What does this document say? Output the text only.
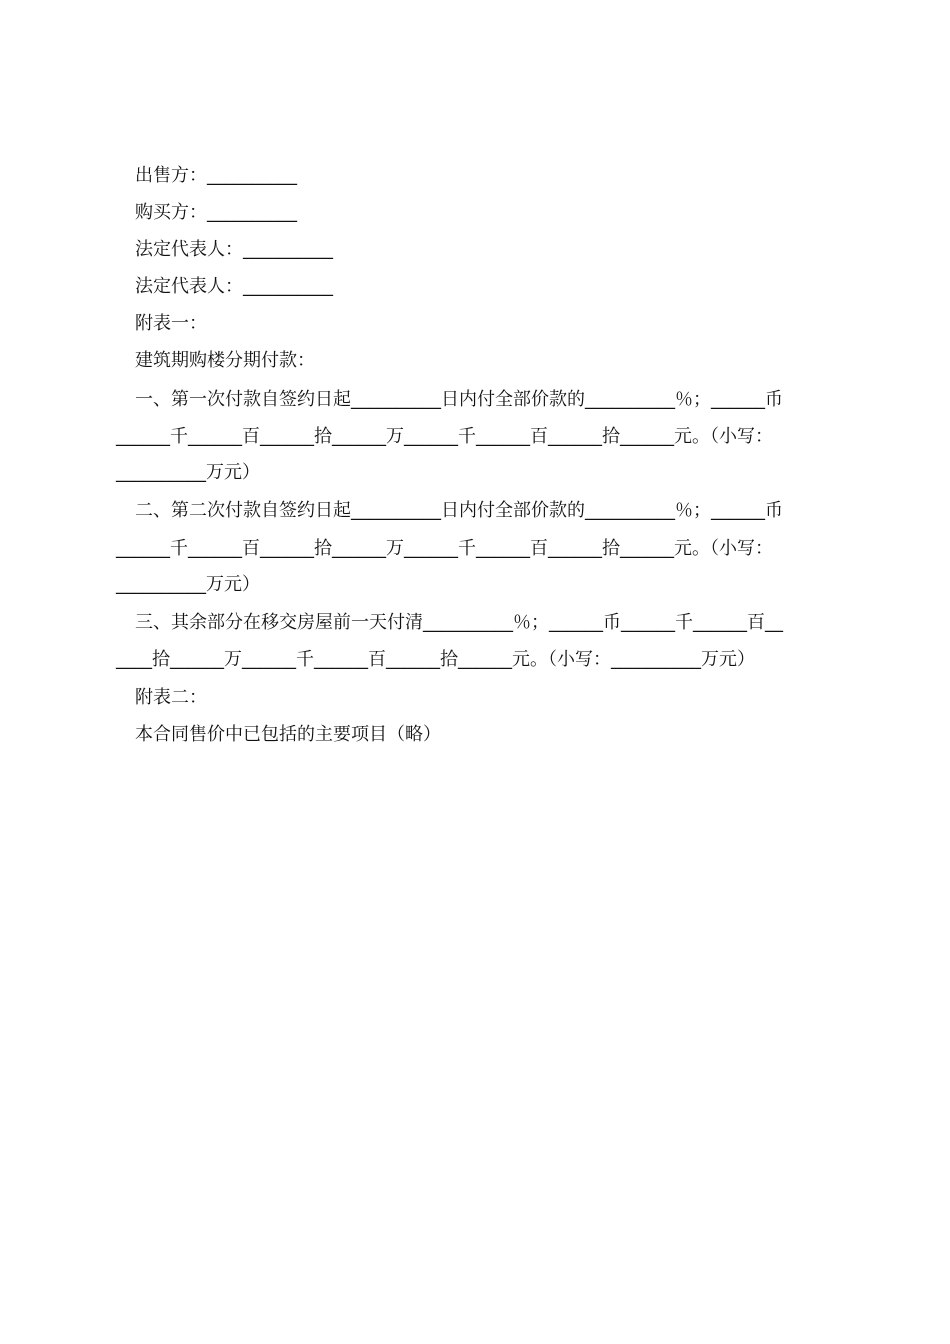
出售方：__________
购买方：__________
法定代表人：__________
法定代表人：__________
附表一：
建筑期购楼分期付款：
一、第一次付款自签约日起__________日内付全部价款的__________％；______币
______千______百______拾______万______千______百______拾______元。（小写：
__________万元）
二、第二次付款自签约日起__________日内付全部价款的__________％；______币
______千______百______拾______万______千______百______拾______元。（小写：
__________万元）
三、其余部分在移交房屋前一天付清__________％；______币______千______百__
____拾______万______千______百______拾______元。（小写：__________万元）
附表二：
本合同售价中已包括的主要项目（略）
